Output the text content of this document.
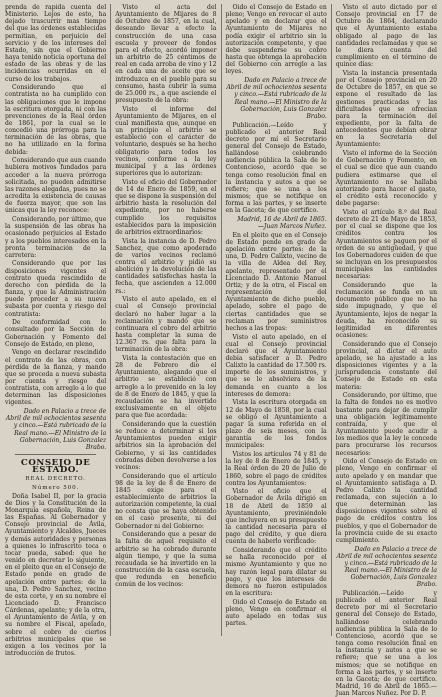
prenda de rapida cuenta del Ministerio. Lejos de esto, ha dejado trascurrir mas tiempo del que las órdenes establecidas permitian, en perjuicio del servicio y de los intereses del Estado, sin que el Gobierno haya tenido noticia oportuna del estado de las obras y de las incidencias ocurridas en el curso de los trabajos.

Considerando que el contratista no ha cumplido con las obligaciones que le impone la escritura otorgada, ni con las prevenciones de la Real órden de 1861, por la cual se le concedió una prórroga para la terminación de las obras, que no ha utilizado en la forma debida:

Considerando que aun cuando hubiera motivos fundados para acceder a la nueva prórroga solicitada, no pueden admitirse las razones alegadas, pues no se acredita la existencia de causas de fuerza mayor, que son las únicas que la ley reconoce:

Considerando, por último, que la suspensión de las obras ha ocasionado perjuicios al Estado y a los pueblos interesados en la pronta terminación de la carretera:

Considerando que por las disposiciones vigentes el contrato queda rescindido de derecho con pérdida de la fianza, y que la Administración puede proceder a su nueva subasta por cuenta y riesgo del contratista:

De conformidad con lo consultado por la Sección de Gobernación y Fomento del Consejo de Estado, en pleno,

Vengo en declarar rescindido el contrato de las obras, con pérdida de la fianza, y mando que se proceda a nueva subasta por cuenta y riesgo del contratista, con arreglo a lo que determinan las disposiciones vigentes.

Dado en Palacio a trece de Abril de mil ochocientos sesenta y cinco.—Está rubricado de la Real mano.—El Ministro de la Gobernación, Luis Gonzalez Brabo.

CONSEJO DE ESTADO.
REAL DECRETO.
Número 500.

Doña Isabel II, por la gracia de Dios y la Constitución de la Monarquía española, Reina de las Españas. Al Gobernador y Consejo provincial de Ávila, Ayuntamiento y Alcaldes, Jueces y demás autoridades y personas a quienes lo infrascrito toca o tocar pueda, sabed: que he venido en decretar lo siguiente, en el pleito que en el Consejo de Estado pende en grado de apelación entre partes: de la una, D. Pedro Sanchez, vecino de esta corte, y en su nombre el Licenciado D. Francisco Cárdenas, apelante; y de la otra, el Ayuntamiento de Ávila, y en su nombre el Fiscal, apelado, sobre el cobro de ciertos arbitrios municipales que se exigen a los vecinos por la introducción de frutos.

Visto el acta del Ayuntamiento de Mijares de 8 de Octubre de 1857, en la cual, deseando llevar a efecto la construcción de una casa escuela y proveer de fondos para el efecto, acordó imponer un arbitrio de 25 céntimos de real en cada arroba de vino y 12 en cada una de aceite que se introduzca en el pueblo para su consumo, hasta cubrir la suma de 25.000 rs., a que asciende el presupuesto de la obra:

Visto el informe del Ayuntamiento de Mijares, en el cual manifiesta que, aunque en un principio el arbitrio se estableció con el carácter de voluntario, después se ha hecho obligatorio para todos los vecinos, conforme a la ley municipal y a las órdenes superiores que lo autorizan:

Visto el oficio del Gobernador de 14 de Enero de 1859, en el que se dispone la suspensión del arbitrio hasta la resolución del expediente, por no haberse cumplido los requisitos establecidos para la imposición de arbitrios extraordinarios:

Vista la instancia de D. Pedro Sanchez, que como apoderado de varios vecinos reclamó contra el arbitrio y pidió su abolición y la devolución de las cantidades satisfechas hasta la fecha, que ascienden a 12.000 rs.:

Visto el auto apelado, en el cual el Consejo provincial declaró no haber lugar a la reclamación y mandó que se continuara el cobro del arbitrio hasta completar la suma de 12.367 rs. que falta para la terminación de la obra:

Vista la contestación que en 28 de Febrero dio el Ayuntamiento, alegando que el arbitrio se estableció con arreglo a lo prevenido en la ley de 8 de Enero de 1845, y que la recaudación se ha invertido exclusivamente en el objeto para que fue acordada:

Considerando que la cuestión se reduce a determinar si los Ayuntamientos pueden exigir arbitrios sin la aprobación del Gobierno, y si las cantidades cobradas deben devolverse a los vecinos:

Considerando que el artículo 98 de la ley de 8 de Enero de 1845 exige para el establecimiento de arbitrios la autorización competente, la cual no consta que se haya obtenido en el caso presente, ni del Gobernador ni del Gobierno:

Considerando que a pesar de la falta de aquel requisito el arbitrio se ha cobrado durante algún tiempo, y que la suma recaudada se ha invertido en la construcción de la casa escuela, que redunda en beneficio común de los vecinos:

Oido el Consejo de Estado en pleno; Vengo en revocar el auto apelado y en declarar que el Ayuntamiento de Mijares no podía exigir el arbitrio sin la autorización competente, y que debe suspenderse su cobro hasta que obtenga la aprobación del Gobierno con arreglo a las leyes.

Dado en Palacio a trece de Abril de mil ochocientos sesenta y cinco.—Está rubricado de la Real mano.—El Ministro de la Gobernación, Luis Gonzalez Brabo.

Publicación.—Leído y publicado el anterior Real decreto por mí el Secretario general del Consejo de Estado, hallándose celebrando audiencia pública la Sala de lo Contencioso, acordó que se tenga como resolución final en la instancia y autos a que se refiere; que se una a los mismos; que se notifique en forma a las partes, y se inserte en la Gaceta; de que certifico.

Madrid, 16 de Abril de 1865.—Juan Marcos Nuñez.

En el pleito que en el Consejo de Estado pende en grado de apelación entre partes: de la una, D. Pedro Calixto, vecino de la villa de Aldea del Rey, apelante, representado por el Licenciado D. Antonio Manuel Ortiz; y de la otra, el Fiscal en representación del Ayuntamiento de dicho pueblo, apelado, sobre el pago de ciertas cantidades que se reclaman por suministros hechos a las tropas:

Visto el auto apelado, en el cual el Consejo provincial declaró que el Ayuntamiento debía satisfacer a D. Pedro Calixto la cantidad de 17.500 rs. importe de los suministros, y que se le absolviera de la demanda en cuanto a los intereses de demora:

Vista la escritura otorgada en 12 de Mayo de 1858, por la cual se obligó el Ayuntamiento a pagar la suma referida en el plazo de seis meses, con la garantía de los fondos municipales:

Vistos los artículos 74 y 81 de la ley de 8 de Enero de 1845, y la Real órden de 20 de Julio de 1860, sobre el pago de créditos contra los Ayuntamientos:

Visto el oficio que el Gobernador de Ávila dirigió en 18 de Abril de 1859 al Ayuntamiento, previniéndole que incluyera en su presupuesto la cantidad necesaria para el pago del crédito, y que diera cuenta de haberlo verificado:

Considerando que el crédito se halla reconocido por el mismo Ayuntamiento y que no hay razón legal para dilatar su pago, y que los intereses de demora no fueron estipulados en la escritura:

Oido el Consejo de Estado en pleno, Vengo en confirmar el auto apelado en todas sus partes.

Visto el auto dictado por el Consejo provincial en 17 de Octubre de 1864, declarando que el Ayuntamiento estaba obligado al pago de las cantidades reclamadas y que se le diera cuenta del cumplimiento en el término de quince días:

Vista la instancia presentada por el Consejo provincial en 20 de Octubre de 1857, en que se expone el resultado de las gestiones practicadas y las dificultades que se ofrecían para la terminación del expediente, por la falta de antecedentes que debían obrar en la Secretaría del Ayuntamiento:

Visto el informe de la Sección de Gobernación y Fomento, en el cual se dice que aun cuando pudiera estimarse que el Ayuntamiento no se hallaba autorizado para hacer el gasto, el crédito está reconocido y debe pagarse:

Visto el artículo 8.º del Real decreto de 21 de Mayo de 1853, por el cual se dispone que los créditos contra los Ayuntamientos se paguen por el orden de su antigüedad, y que los Gobernadores cuiden de que se incluyan en los presupuestos municipales las cantidades necesarias:

Considerando que la reclamación se funda en un documento público que no ha sido impugnado, y que el Ayuntamiento, lejos de negar la deuda, ha reconocido su legitimidad en diferentes ocasiones:

Considerando que el Consejo provincial, al dictar el auto apelado, se ha ajustado a las disposiciones vigentes y a la jurisprudencia constante del Consejo de Estado en esta materia:

Considerando, por último, que la falta de fondos no es motivo bastante para dejar de cumplir una obligación legítimamente contraída, y que el Ayuntamiento puede acudir a los medios que la ley le concede para procurarse los recursos necesarios:

Oido el Consejo de Estado en pleno, Vengo en confirmar el auto apelado y en mandar que el Ayuntamiento satisfaga a D. Pedro Calixto la cantidad reclamada, con sujeción a lo que determinan las disposiciones vigentes sobre el pago de créditos contra los pueblos, y que el Gobernador de la provincia cuide de su exacto cumplimiento.

Dado en Palacio a trece de Abril de mil ochocientos sesenta y cinco.—Está rubricado de la Real mano.—El Ministro de la Gobernación, Luis Gonzalez Brabo.

Publicación.—Leído y publicado el anterior Real decreto por mí el Secretario general del Consejo de Estado, hallándose celebrando audiencia pública la Sala de lo Contencioso, acordó que se tenga como resolución final en la instancia y autos a que se refiere; que se una a los mismos; que se notifique en forma a las partes, y se inserte en la Gaceta; de que certifico. Madrid, 16 de Abril de 1865.—Juan Marcos Nuñez. Por D. P.
